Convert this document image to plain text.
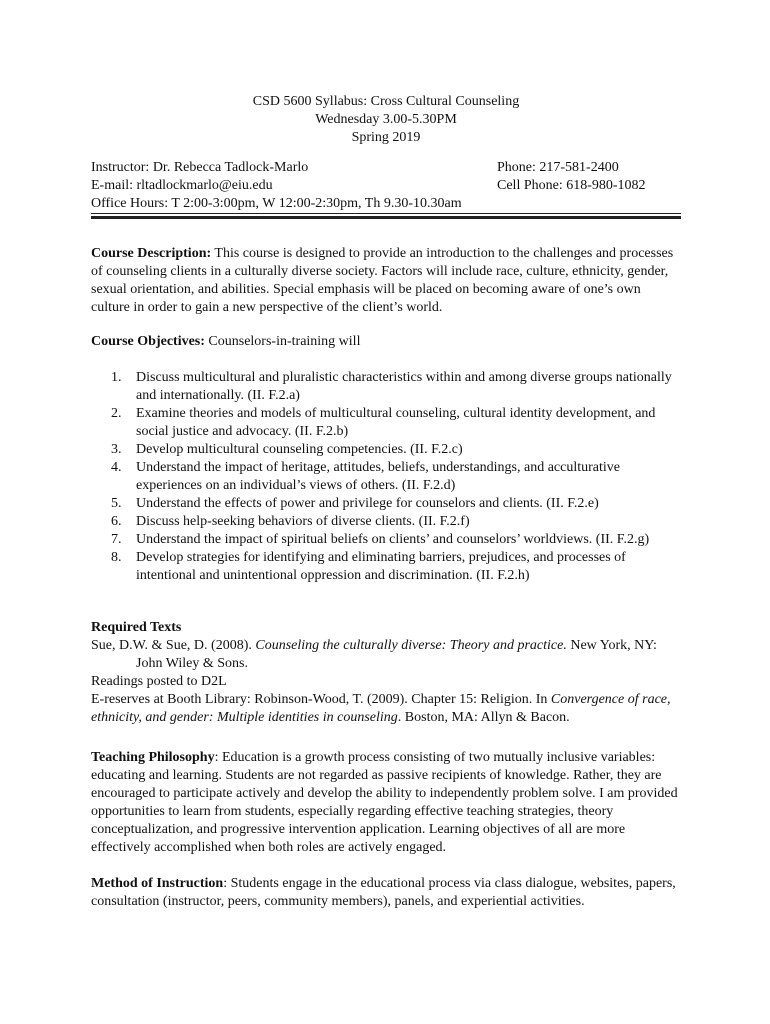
CSD 5600 Syllabus: Cross Cultural Counseling
Wednesday 3.00-5.30PM
Spring 2019
Instructor: Dr. Rebecca Tadlock-Marlo
E-mail: rltadlockmarlo@eiu.edu
Office Hours: T 2:00-3:00pm, W 12:00-2:30pm, Th 9.30-10.30am
Phone: 217-581-2400
Cell Phone: 618-980-1082
Course Description: This course is designed to provide an introduction to the challenges and processes of counseling clients in a culturally diverse society. Factors will include race, culture, ethnicity, gender, sexual orientation, and abilities. Special emphasis will be placed on becoming aware of one’s own culture in order to gain a new perspective of the client’s world.
Course Objectives: Counselors-in-training will
1. Discuss multicultural and pluralistic characteristics within and among diverse groups nationally and internationally. (II. F.2.a)
2. Examine theories and models of multicultural counseling, cultural identity development, and social justice and advocacy. (II. F.2.b)
3. Develop multicultural counseling competencies. (II. F.2.c)
4. Understand the impact of heritage, attitudes, beliefs, understandings, and acculturative experiences on an individual’s views of others. (II. F.2.d)
5. Understand the effects of power and privilege for counselors and clients. (II. F.2.e)
6. Discuss help-seeking behaviors of diverse clients. (II. F.2.f)
7. Understand the impact of spiritual beliefs on clients’ and counselors’ worldviews. (II. F.2.g)
8. Develop strategies for identifying and eliminating barriers, prejudices, and processes of intentional and unintentional oppression and discrimination. (II. F.2.h)
Required Texts
Sue, D.W. & Sue, D. (2008). Counseling the culturally diverse: Theory and practice. New York, NY: John Wiley & Sons.
Readings posted to D2L
E-reserves at Booth Library: Robinson-Wood, T. (2009). Chapter 15: Religion. In Convergence of race, ethnicity, and gender: Multiple identities in counseling. Boston, MA: Allyn & Bacon.
Teaching Philosophy: Education is a growth process consisting of two mutually inclusive variables: educating and learning. Students are not regarded as passive recipients of knowledge. Rather, they are encouraged to participate actively and develop the ability to independently problem solve. I am provided opportunities to learn from students, especially regarding effective teaching strategies, theory conceptualization, and progressive intervention application. Learning objectives of all are more effectively accomplished when both roles are actively engaged.
Method of Instruction: Students engage in the educational process via class dialogue, websites, papers, consultation (instructor, peers, community members), panels, and experiential activities.
